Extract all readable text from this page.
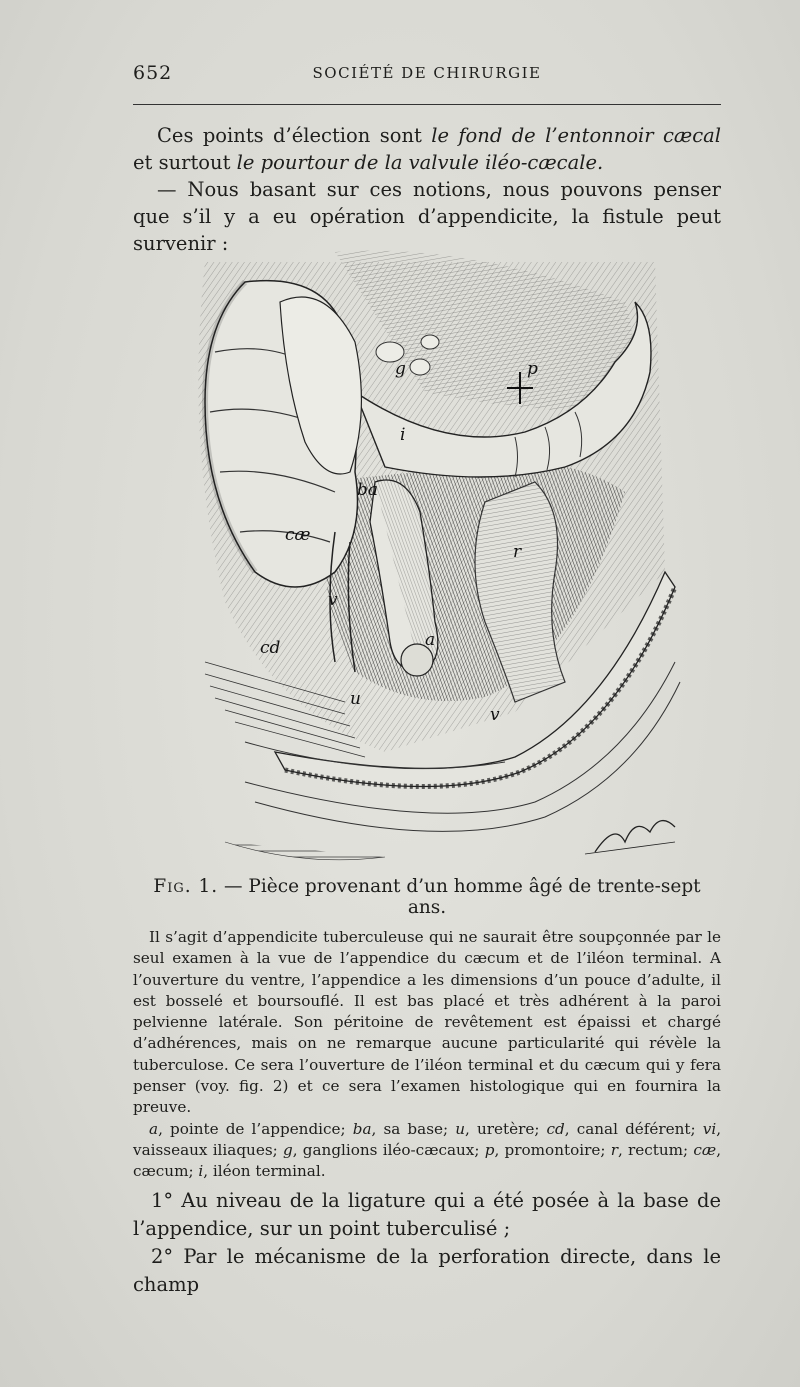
652	SOCIÉTÉ DE CHIRURGIE
Ces points d’élection sont le fond de l’entonnoir cæcal et surtout le pourtour de la valvule iléo-cæcale.
— Nous basant sur ces notions, nous pouvons penser que s’il y a eu opération d’appendicite, la fistule peut survenir :
g	p
i
ba
cæ
r
v
a
cd
u
v
Fig. 1. — Pièce provenant d’un homme âgé de trente-sept ans.

Il s’agit d’appendicite tuberculeuse qui ne saurait être soupçonnée par le seul examen à la vue de l’appendice du cæcum et de l’iléon terminal. A l’ouverture du ventre, l’appendice a les dimensions d’un pouce d’adulte, il est bosselé et boursouflé. Il est bas placé et très adhérent à la paroi pelvienne latérale. Son péritoine de revêtement est épaissi et chargé d’adhérences, mais on ne remarque aucune particularité qui révèle la tuberculose. Ce sera l’ouverture de l’iléon terminal et du cæcum qui y fera penser (voy. fig. 2) et ce sera l’examen histologique qui en fournira la preuve.

a, pointe de l’appendice; ba, sa base; u, uretère; cd, canal déférent; vi, vaisseaux iliaques; g, ganglions iléo-cæcaux; p, promontoire; r, rectum; cæ, cæcum; i, iléon terminal.

1° Au niveau de la ligature qui a été posée à la base de l’appendice, sur un point tuberculisé ;

2° Par le mécanisme de la perforation directe, dans le champ
